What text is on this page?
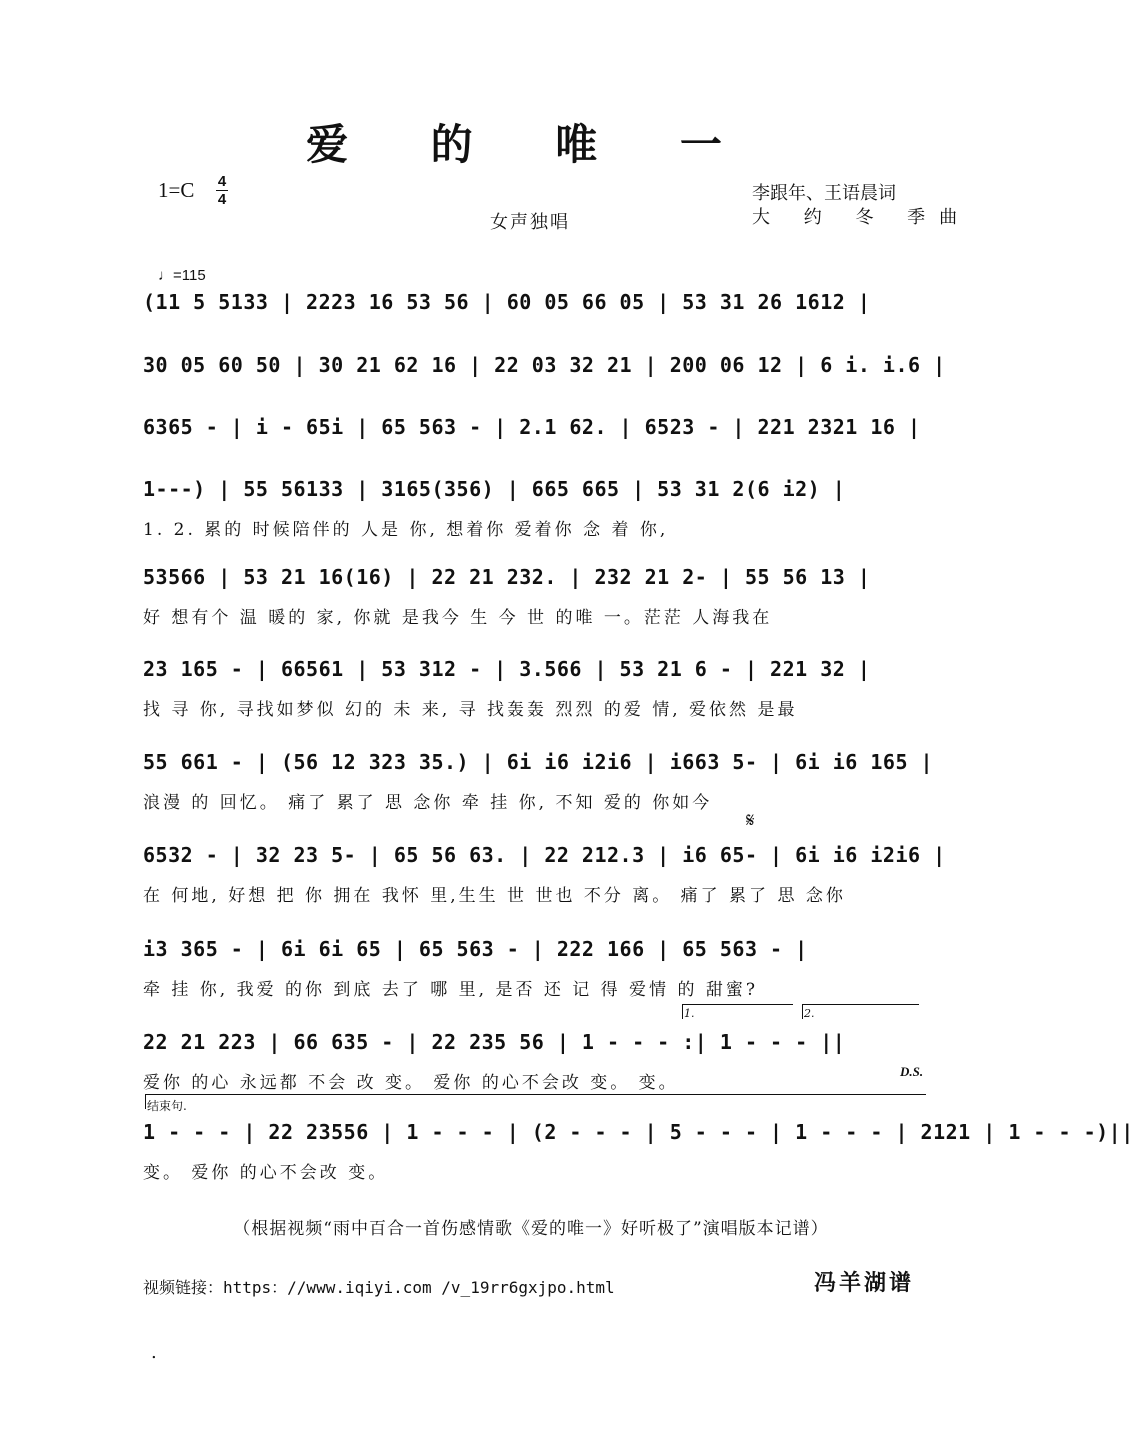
爱 的 唯 一
1=C 4
4
女声独唱
李跟年、王语晨词
大 约 冬 季曲
♩=115
(11 5 5133 | 2223 16 53 56 | 60 05 66 05 | 53 31 26 1612 |
30 05 60 50 | 30 21 62 16 | 22 03 32 21 | 200 06 12 | 6 i. i.6 |
6365 - | i - 65i | 65 563 - | 2.1 62. | 6523 - | 221 2321 16 |
1---) | 55 56133 | 3165(356) | 665 665 | 53 31 2(6 i2) |
1. 2. 累的 时候陪伴的 人是 你, 想着你 爱着你 念 着 你,
53566 | 53 21 16(16) | 22 21 232. | 232 21 2- | 55 56 13 |
好 想有个 温 暖的 家, 你就 是我今 生 今 世 的唯 一。茫茫 人海我在
23 165 - | 66561 | 53 312 - | 3.566 | 53 21 6 - | 221 32 |
找 寻 你, 寻找如梦似 幻的 未 来, 寻 找轰轰 烈烈 的爱 情, 爱依然 是最
55 661 - | (56 12 323 35.) | 6i i6 i2i6 | i663 5- | 6i i6 165 |
浪漫 的 回忆。 痛了 累了 思 念你 牵 挂 你, 不知 爱的 你如今
6532 - | 32 23 5- | 65 56 63. | 22 212.3 | i6 65- | 6i i6 i2i6 |
在 何地, 好想 把 你 拥在 我怀 里,生生 世 世也 不分 离。 痛了 累了 思 念你
i3 365 - | 6i 6i 65 | 65 563 - | 222 166 | 65 563 - |
牵 挂 你, 我爱 的你 到底 去了 哪 里, 是否 还 记 得 爱情 的 甜蜜?
22 21 223 | 66 635 - | 22 235 56 | 1 - - - :| 1 - - - ||
爱你 的心 永远都 不会 改 变。 爱你 的心不会改 变。 变。
1 - - - | 22 23556 | 1 - - - | (2 - - - | 5 - - - | 1 - - - | 2121 | 1 - - -)||
变。 爱你 的心不会改 变。
𝄋
1.	2.
D.S.
结束句.
（根据视频“雨中百合一首伤感情歌《爱的唯一》好听极了”演唱版本记谱）
视频链接：https：//www.iqiyi.com /v_19rr6gxjpo.html	冯羊湖谱
.
